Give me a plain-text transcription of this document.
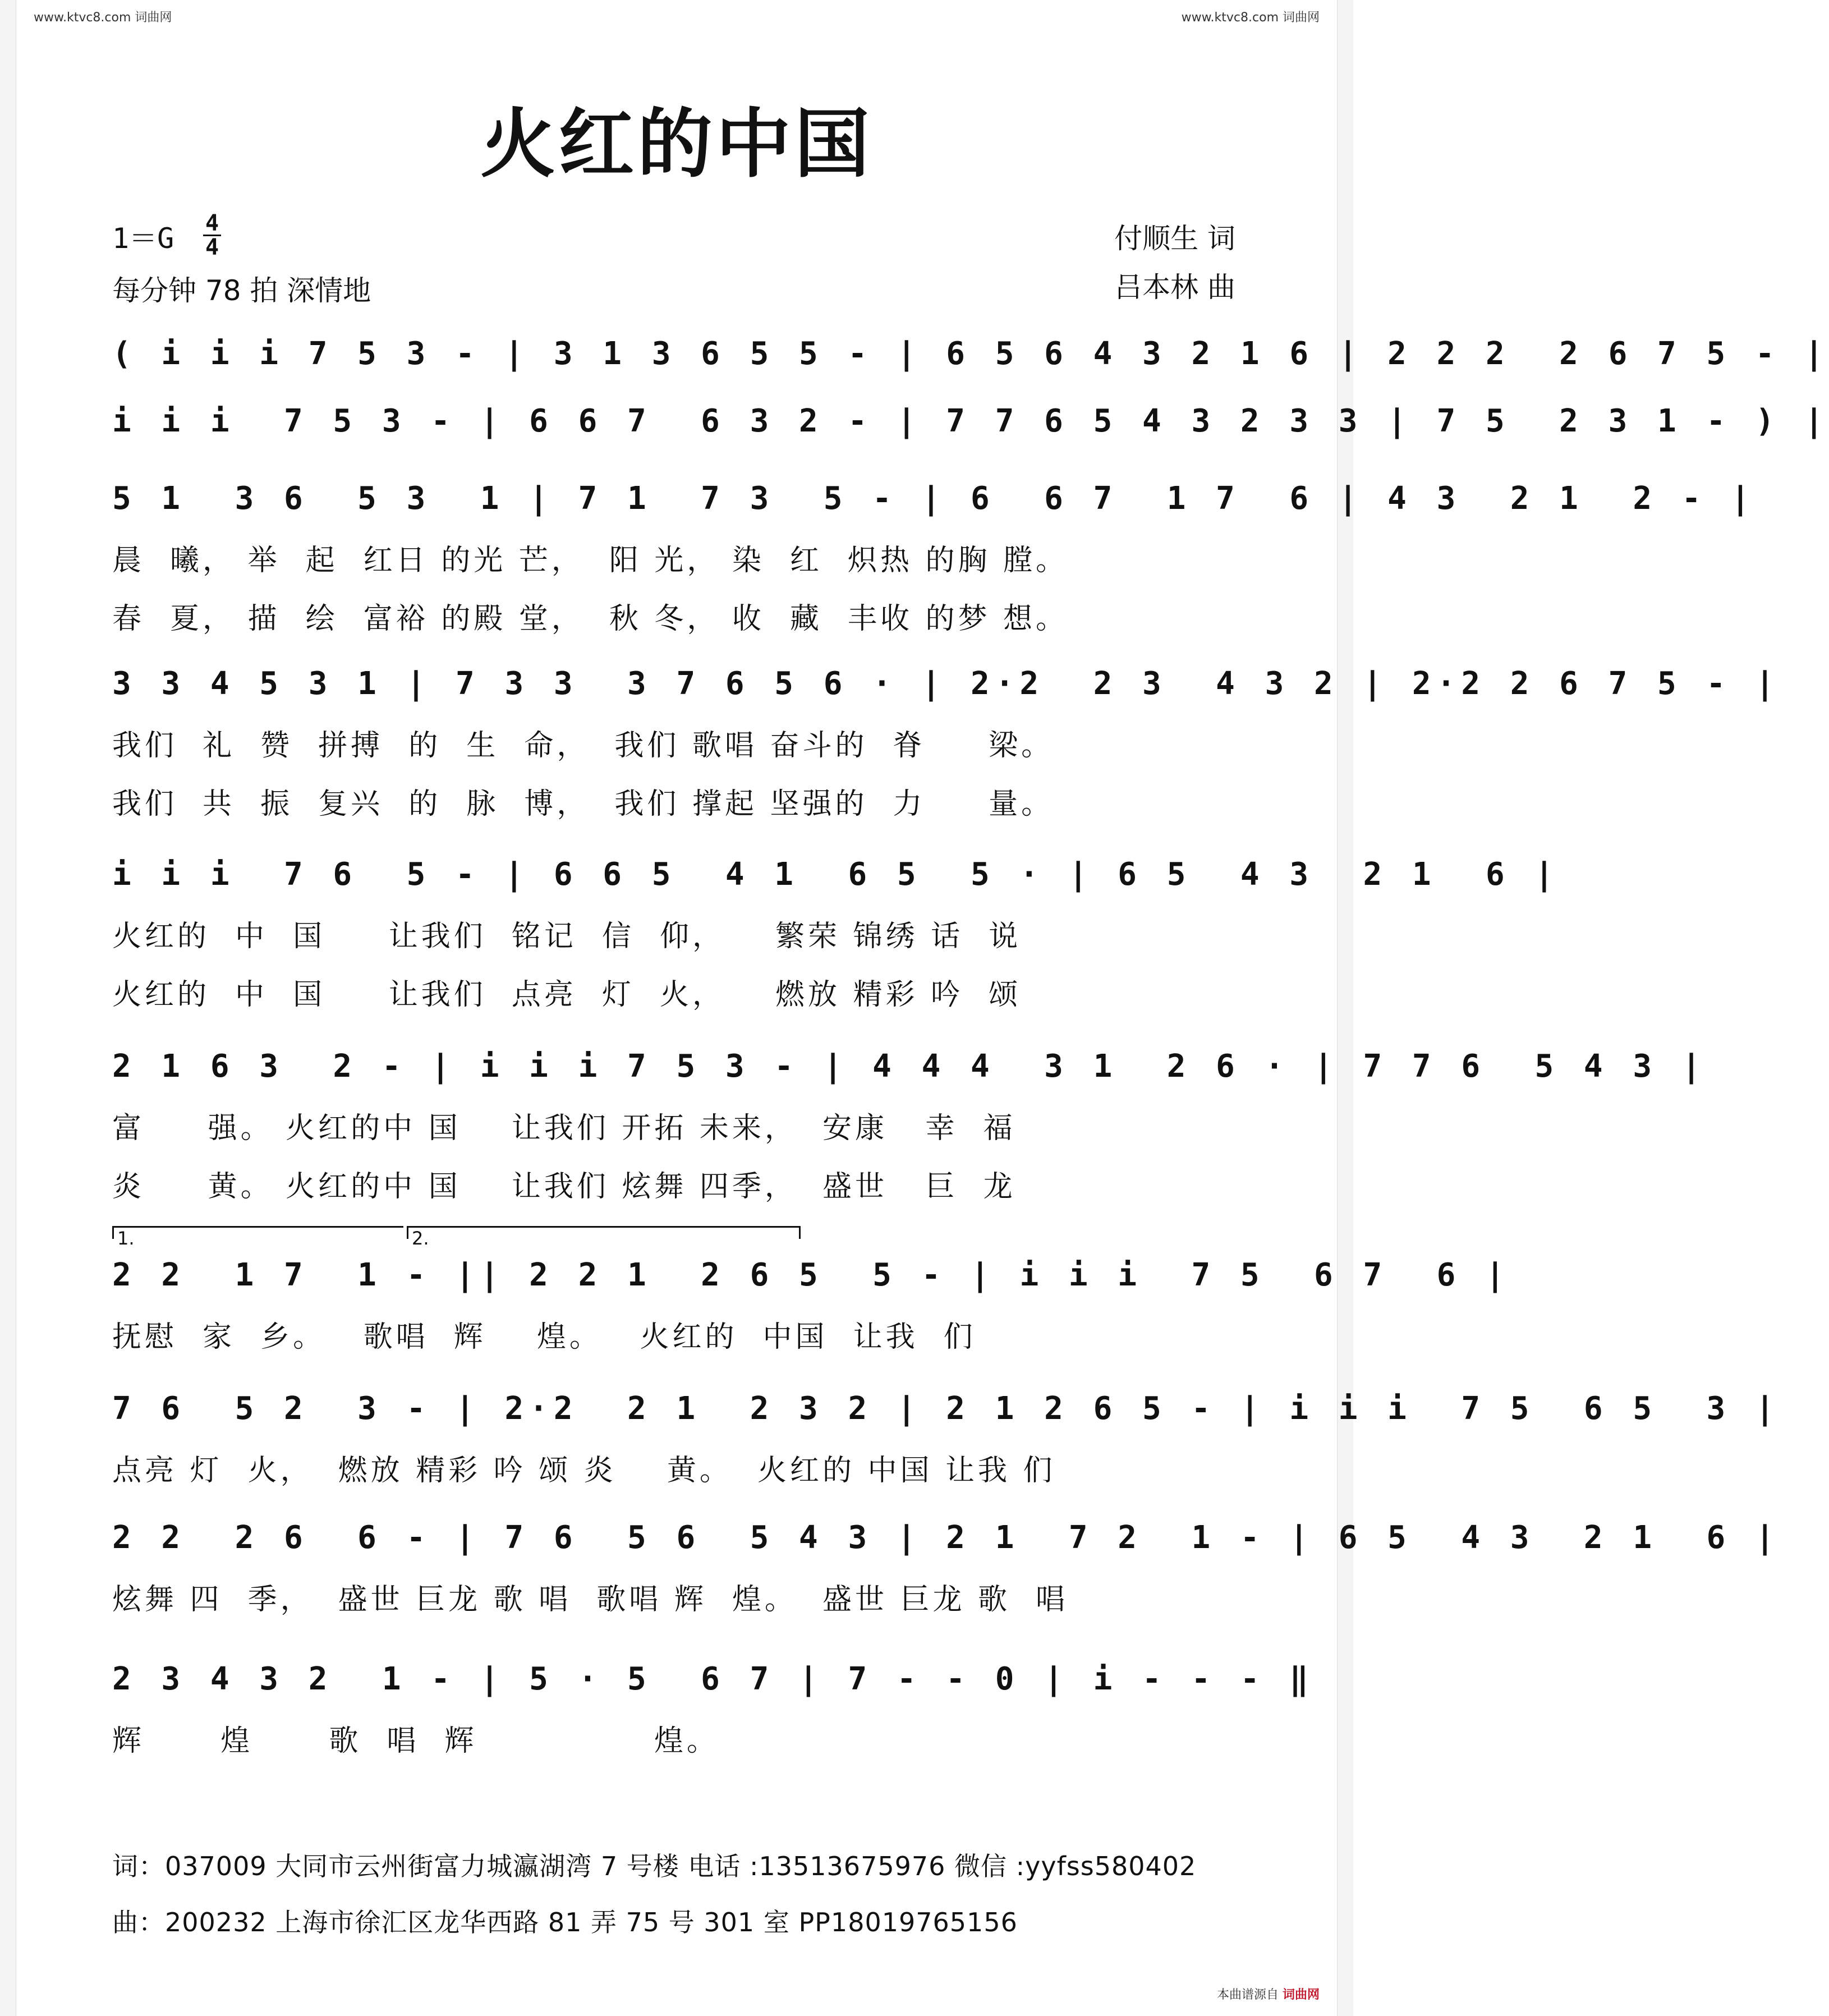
www.ktvc8.com 词曲网	www.ktvc8.com 词曲网
火红的中国
1＝G 4
4
每分钟 78 拍 深情地
付顺生 词
吕本林 曲
( i i i 7 5 3 - | 3 1 3 6 5 5 - | 6 5 6 4 3 2 1 6 | 2 2 2  2 6 7 5 - |
i i i  7 5 3 - | 6 6 7  6 3 2 - | 7 7 6 5 4 3 2 3 3 | 7 5  2 3 1 - ) |
5 1  3 6  5 3  1 | 7 1  7 3  5 - | 6  6 7  1 7  6 | 4 3  2 1  2 - |
晨  曦， 举  起  红日 的光 芒，  阳 光， 染  红  炽热 的胸 膛。
春  夏， 描  绘  富裕 的殿 堂，  秋 冬， 收  藏  丰收 的梦 想。
3 3 4 5 3 1 | 7 3 3  3 7 6 5 6 · | 2·2  2 3  4 3 2 | 2·2 2 6 7 5 - |
我们  礼  赞  拼搏  的  生  命，  我们 歌唱 奋斗的  脊     梁。
我们  共  振  复兴  的  脉  博，  我们 撑起 坚强的  力     量。
i i i  7 6  5 - | 6 6 5  4 1  6 5  5 · | 6 5  4 3  2 1  6 |
火红的  中  国     让我们  铭记  信  仰，    繁荣 锦绣 话  说
火红的  中  国     让我们  点亮  灯  火，    燃放 精彩 吟  颂
2 1 6 3  2 - | i i i 7 5 3 - | 4 4 4  3 1  2 6 · | 7 7 6  5 4 3 |
富     强。 火红的中 国    让我们 开拓 未来，  安康   幸  福
炎     黄。 火红的中 国    让我们 炫舞 四季，  盛世   巨  龙
1.	2.
2 2  1 7  1 - || 2 2 1  2 6 5  5 - | i i i  7 5  6 7  6 |
抚慰  家  乡。   歌唱  辉    煌。   火红的  中国  让我  们
7 6  5 2  3 - | 2·2  2 1  2 3 2 | 2 1 2 6 5 - | i i i  7 5  6 5  3 |
点亮 灯  火，  燃放 精彩 吟 颂 炎    黄。  火红的 中国 让我 们
2 2  2 6  6 - | 7 6  5 6  5 4 3 | 2 1  7 2  1 - | 6 5  4 3  2 1  6 |
炫舞 四  季，  盛世 巨龙 歌 唱  歌唱 辉  煌。  盛世 巨龙 歌  唱
2 3 4 3 2  1 - | 5 · 5  6 7 | 7 - - 0 | i - - - ‖
辉      煌      歌  唱  辉              煌。
词：037009 大同市云州街富力城瀛湖湾 7 号楼 电话 :13513675976 微信 :yyfss580402
曲：200232 上海市徐汇区龙华西路 81 弄 75 号 301 室 PP18019765156
本曲谱源自 词曲网
